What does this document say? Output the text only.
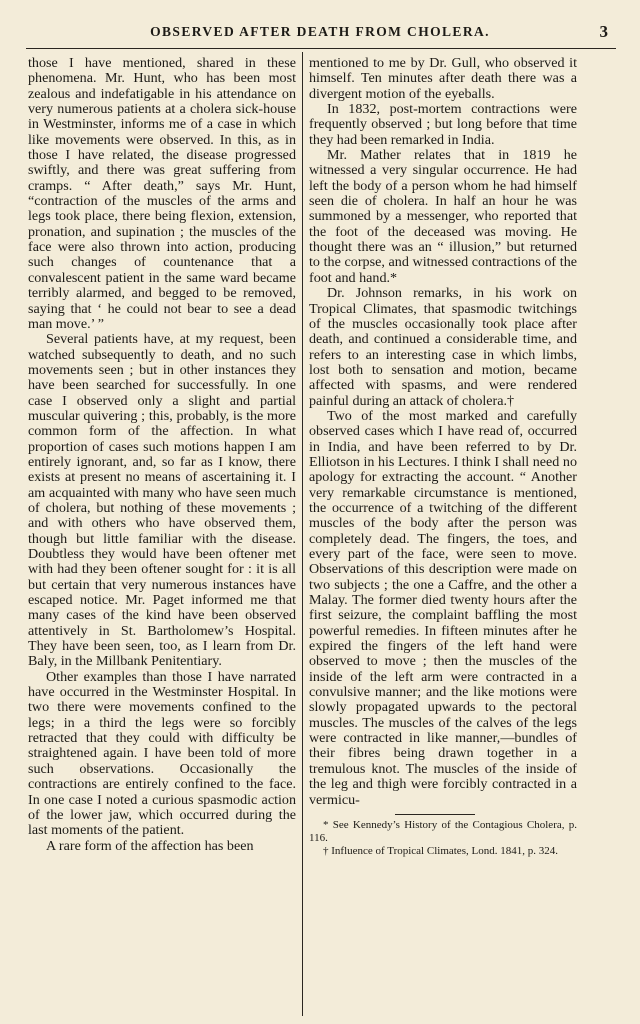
OBSERVED AFTER DEATH FROM CHOLERA.	3

those I have mentioned, shared in these phenomena. Mr. Hunt, who has been most zealous and indefatigable in his attendance on very numerous patients at a cholera sick-house in Westminster, informs me of a case in which like movements were observed. In this, as in those I have related, the disease progressed swiftly, and there was great suffering from cramps. “ After death,” says Mr. Hunt, “contraction of the muscles of the arms and legs took place, there being flexion, extension, pronation, and supination ; the muscles of the face were also thrown into action, producing such changes of countenance that a convalescent patient in the same ward became terribly alarmed, and begged to be removed, saying that ‘ he could not bear to see a dead man move.’ ”

Several patients have, at my request, been watched subsequently to death, and no such movements seen ; but in other instances they have been searched for successfully. In one case I observed only a slight and partial muscular quivering ; this, probably, is the more common form of the affection. In what proportion of cases such motions happen I am entirely ignorant, and, so far as I know, there exists at present no means of ascertaining it. I am acquainted with many who have seen much of cholera, but nothing of these movements ; and with others who have observed them, though but little familiar with the disease. Doubtless they would have been oftener met with had they been oftener sought for : it is all but certain that very numerous instances have escaped notice. Mr. Paget informed me that many cases of the kind have been observed attentively in St. Bartholomew’s Hospital. They have been seen, too, as I learn from Dr. Baly, in the Millbank Penitentiary.

Other examples than those I have narrated have occurred in the Westminster Hospital. In two there were movements confined to the legs; in a third the legs were so forcibly retracted that they could with difficulty be straightened again. I have been told of more such observations. Occasionally the contractions are entirely confined to the face. In one case I noted a curious spasmodic action of the lower jaw, which occurred during the last moments of the patient.

A rare form of the affection has been

mentioned to me by Dr. Gull, who observed it himself. Ten minutes after death there was a divergent motion of the eyeballs.

In 1832, post-mortem contractions were frequently observed ; but long before that time they had been remarked in India.

Mr. Mather relates that in 1819 he witnessed a very singular occurrence. He had left the body of a person whom he had himself seen die of cholera. In half an hour he was summoned by a messenger, who reported that the foot of the deceased was moving. He thought there was an “ illusion,” but returned to the corpse, and witnessed contractions of the foot and hand.*

Dr. Johnson remarks, in his work on Tropical Climates, that spasmodic twitchings of the muscles occasionally took place after death, and continued a considerable time, and refers to an interesting case in which limbs, lost both to sensation and motion, became affected with spasms, and were rendered painful during an attack of cholera.†

Two of the most marked and carefully observed cases which I have read of, occurred in India, and have been referred to by Dr. Elliotson in his Lectures. I think I shall need no apology for extracting the account. “ Another very remarkable circumstance is mentioned, the occurrence of a twitching of the different muscles of the body after the person was completely dead. The fingers, the toes, and every part of the face, were seen to move. Observations of this description were made on two subjects ; the one a Caffre, and the other a Malay. The former died twenty hours after the first seizure, the complaint baffling the most powerful remedies. In fifteen minutes after he expired the fingers of the left hand were observed to move ; then the muscles of the inside of the left arm were contracted in a convulsive manner; and the like motions were slowly propagated upwards to the pectoral muscles. The muscles of the calves of the legs were contracted in like manner,—bundles of their fibres being drawn together in a tremulous knot. The muscles of the inside of the leg and thigh were forcibly contracted in a vermicu-

* See Kennedy’s History of the Contagious Cholera, p. 116.

† Influence of Tropical Climates, Lond. 1841, p. 324.
